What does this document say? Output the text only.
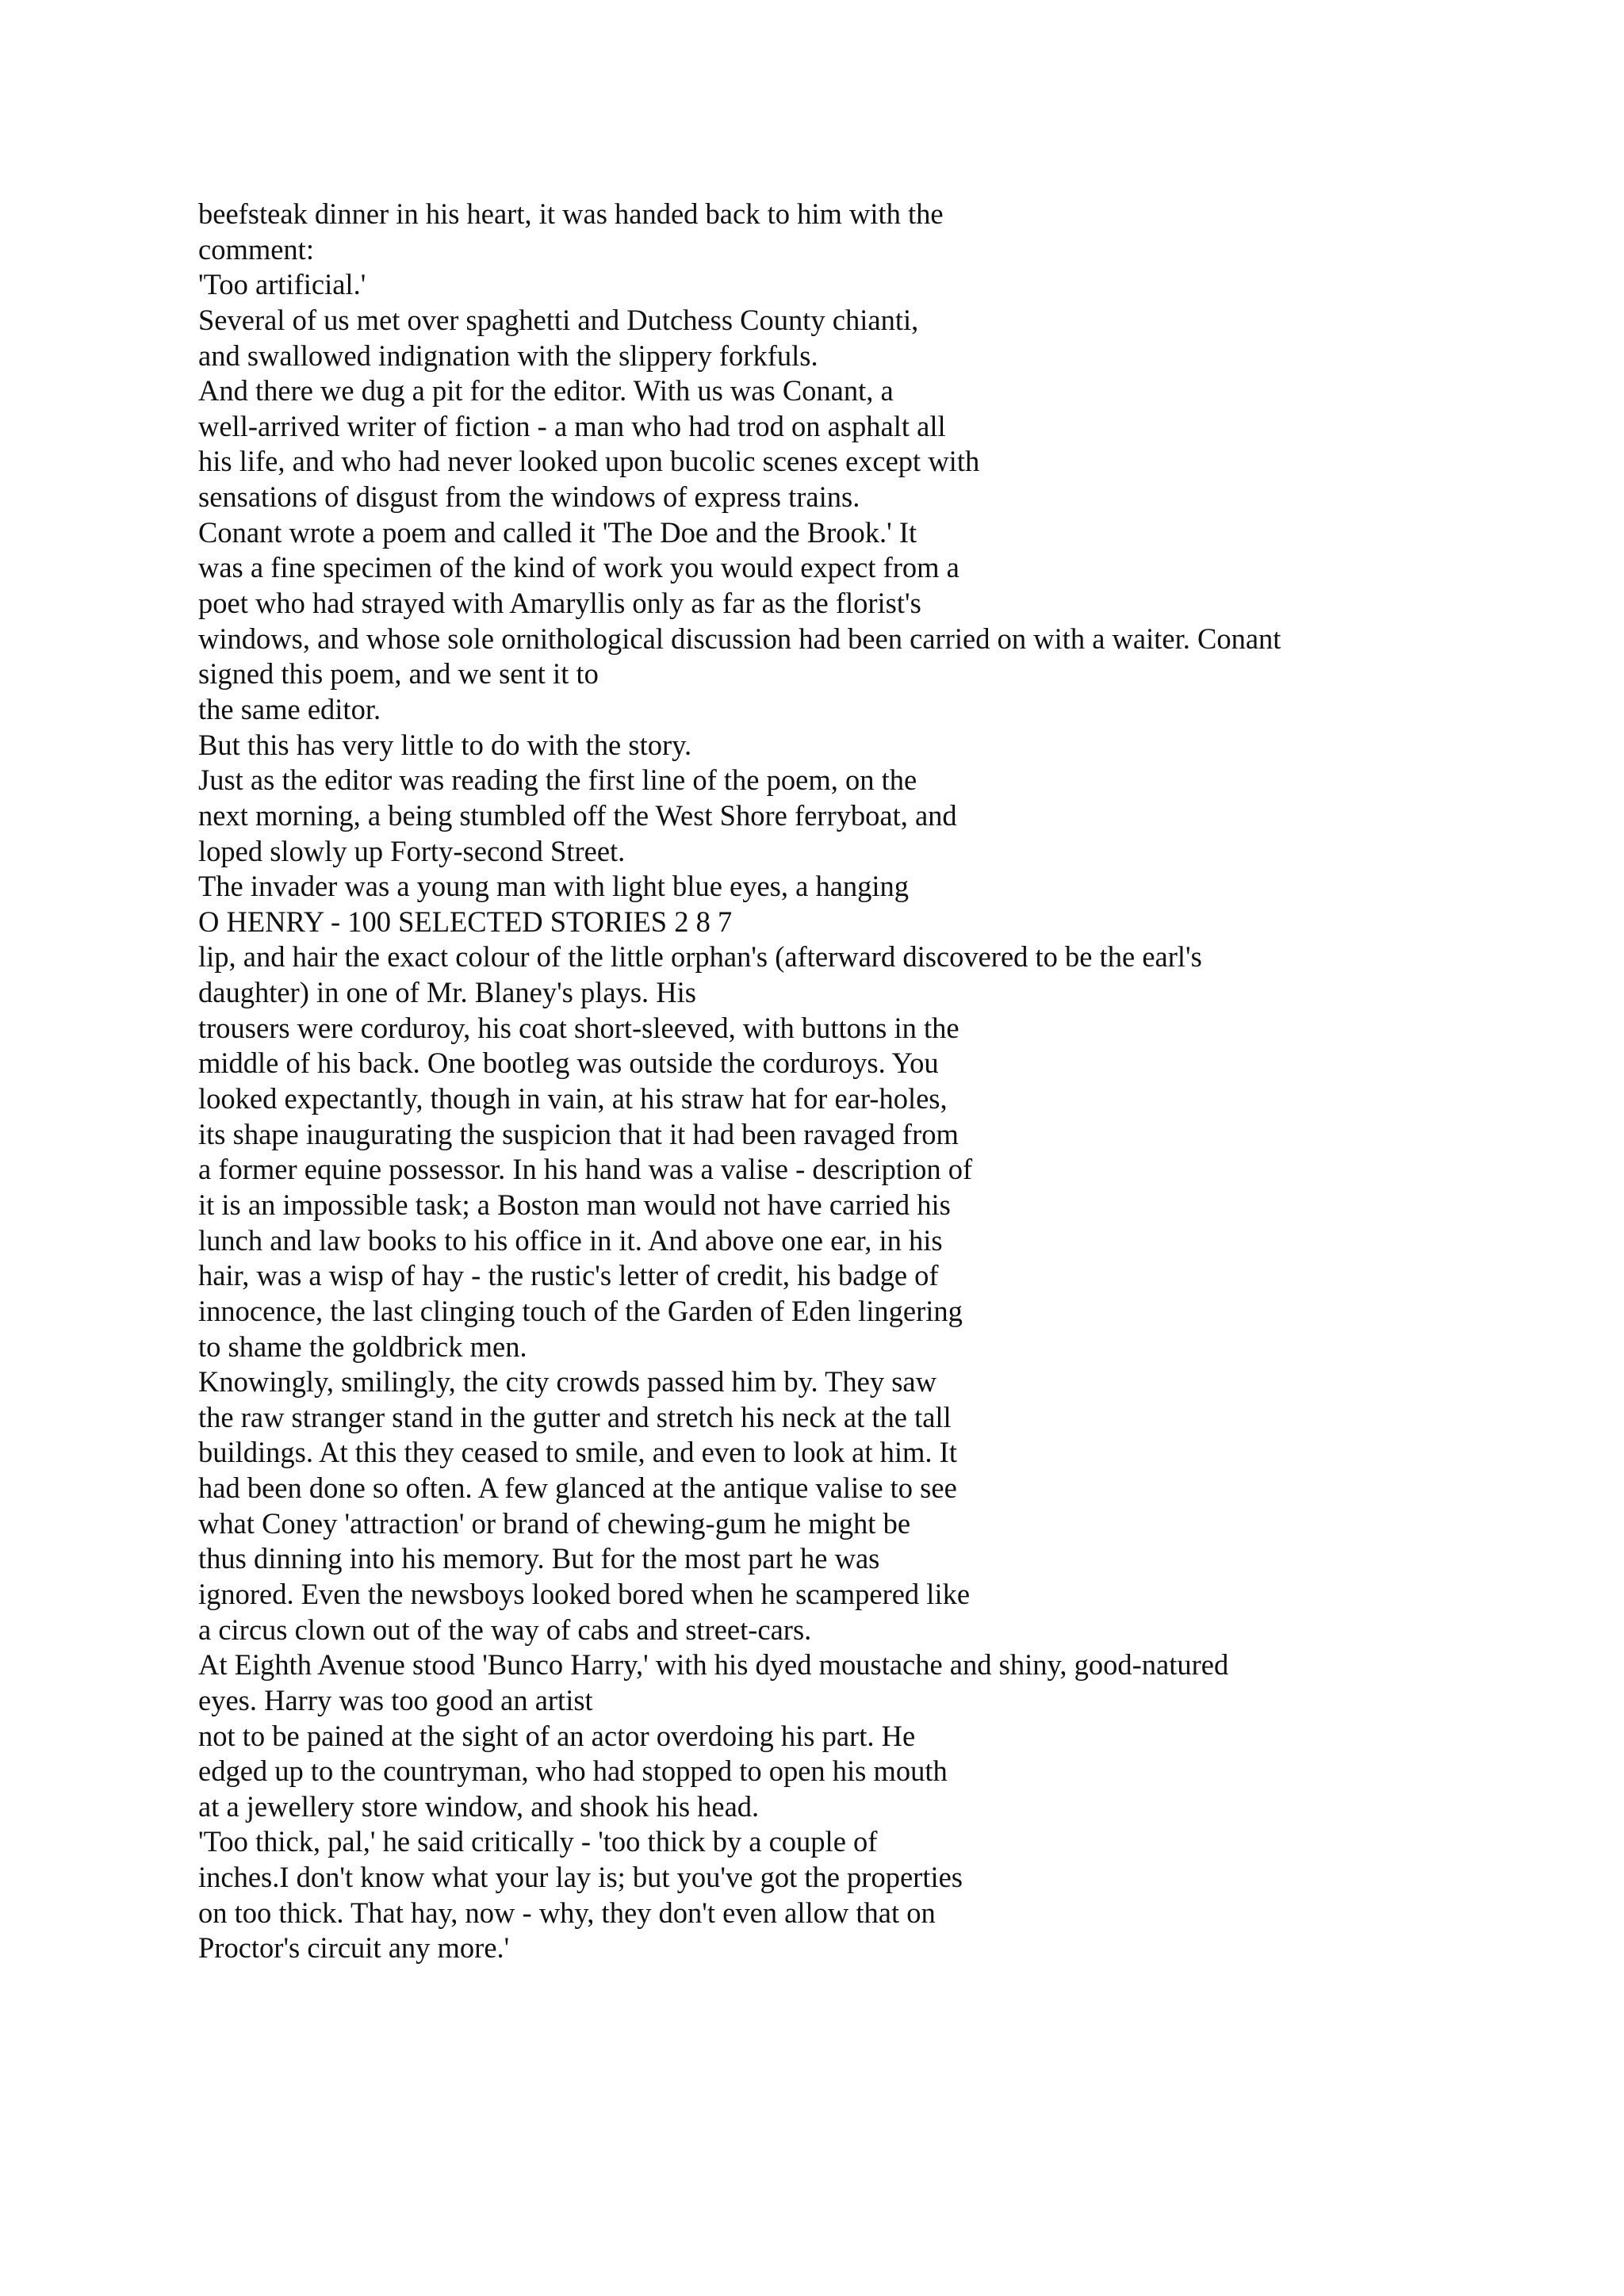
beefsteak dinner in his heart, it was handed back to him with the
comment:
'Too artificial.'
Several of us met over spaghetti and Dutchess County chianti,
and swallowed indignation with the slippery forkfuls.
And there we dug a pit for the editor. With us was Conant, a
well-arrived writer of fiction - a man who had trod on asphalt all
his life, and who had never looked upon bucolic scenes except with
sensations of disgust from the windows of express trains.
Conant wrote a poem and called it 'The Doe and the Brook.' It
was a fine specimen of the kind of work you would expect from a
poet who had strayed with Amaryllis only as far as the florist's
windows, and whose sole ornithological discussion had been carried on with a waiter. Conant
signed this poem, and we sent it to
the same editor.
But this has very little to do with the story.
Just as the editor was reading the first line of the poem, on the
next morning, a being stumbled off the West Shore ferryboat, and
loped slowly up Forty-second Street.
The invader was a young man with light blue eyes, a hanging
O HENRY - 100 SELECTED STORIES 2 8 7
lip, and hair the exact colour of the little orphan's (afterward discovered to be the earl's
daughter) in one of Mr. Blaney's plays. His
trousers were corduroy, his coat short-sleeved, with buttons in the
middle of his back. One bootleg was outside the corduroys. You
looked expectantly, though in vain, at his straw hat for ear-holes,
its shape inaugurating the suspicion that it had been ravaged from
a former equine possessor. In his hand was a valise - description of
it is an impossible task; a Boston man would not have carried his
lunch and law books to his office in it. And above one ear, in his
hair, was a wisp of hay - the rustic's letter of credit, his badge of
innocence, the last clinging touch of the Garden of Eden lingering
to shame the goldbrick men.
Knowingly, smilingly, the city crowds passed him by. They saw
the raw stranger stand in the gutter and stretch his neck at the tall
buildings. At this they ceased to smile, and even to look at him. It
had been done so often. A few glanced at the antique valise to see
what Coney 'attraction' or brand of chewing-gum he might be
thus dinning into his memory. But for the most part he was
ignored. Even the newsboys looked bored when he scampered like
a circus clown out of the way of cabs and street-cars.
At Eighth Avenue stood 'Bunco Harry,' with his dyed moustache and shiny, good-natured
eyes. Harry was too good an artist
not to be pained at the sight of an actor overdoing his part. He
edged up to the countryman, who had stopped to open his mouth
at a jewellery store window, and shook his head.
'Too thick, pal,' he said critically - 'too thick by a couple of
inches.I don't know what your lay is; but you've got the properties
on too thick. That hay, now - why, they don't even allow that on
Proctor's circuit any more.'
